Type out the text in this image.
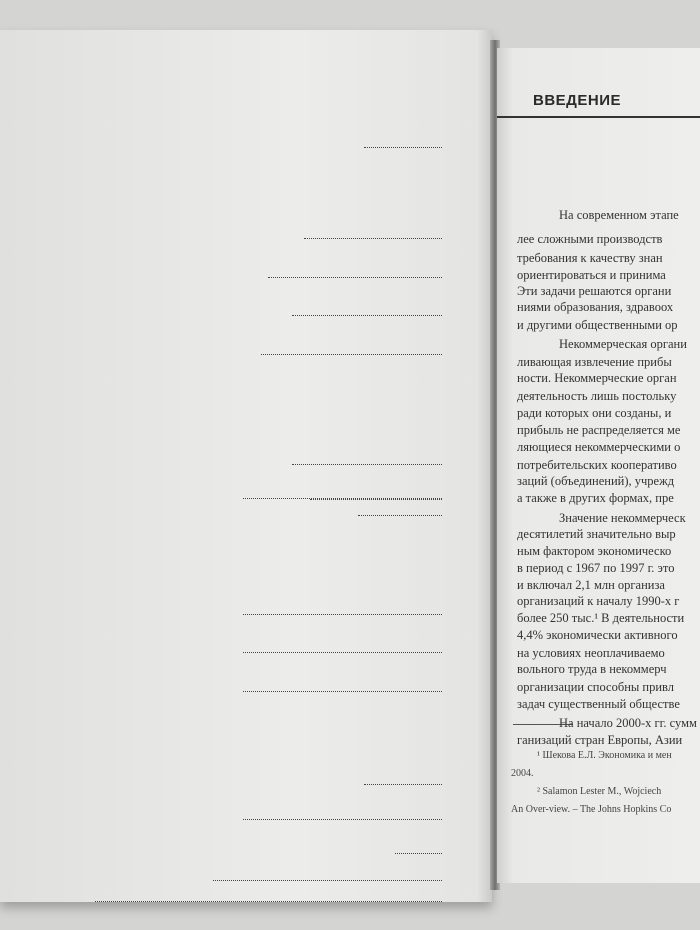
ВВЕДЕНИЕ
На современном этапе
лее сложными производств
требования к качеству знан
ориентироваться и принима
Эти задачи решаются органи
ниями образования, здравоох
и другими общественными ор
Некоммерческая органи
ливающая извлечение прибы
ности. Некоммерческие орган
деятельность лишь постольку
ради которых они созданы, и
прибыль не распределяется ме
ляющиеся некоммерческими о
потребительских кооперативо
заций (объединений), учрежд
а также в других формах, пре
Значение некоммерческ
десятилетий значительно выр
ным фактором экономическо
в период с 1967 по 1997 г. это
и включал 2,1 млн организа
организаций к началу 1990-х г
более 250 тыс.¹ В деятельности
4,4% экономически активного
на условиях неоплачиваемо
вольного труда в некоммерч
организации способны привл
задач существенный обществе
На начало 2000-х гг. сумм
ганизаций стран Европы, Азии
¹ Шекова Е.Л. Экономика и мен
2004.
² Salamon Lester M., Wojciech
An Over-view. – The Johns Hopkins Co
